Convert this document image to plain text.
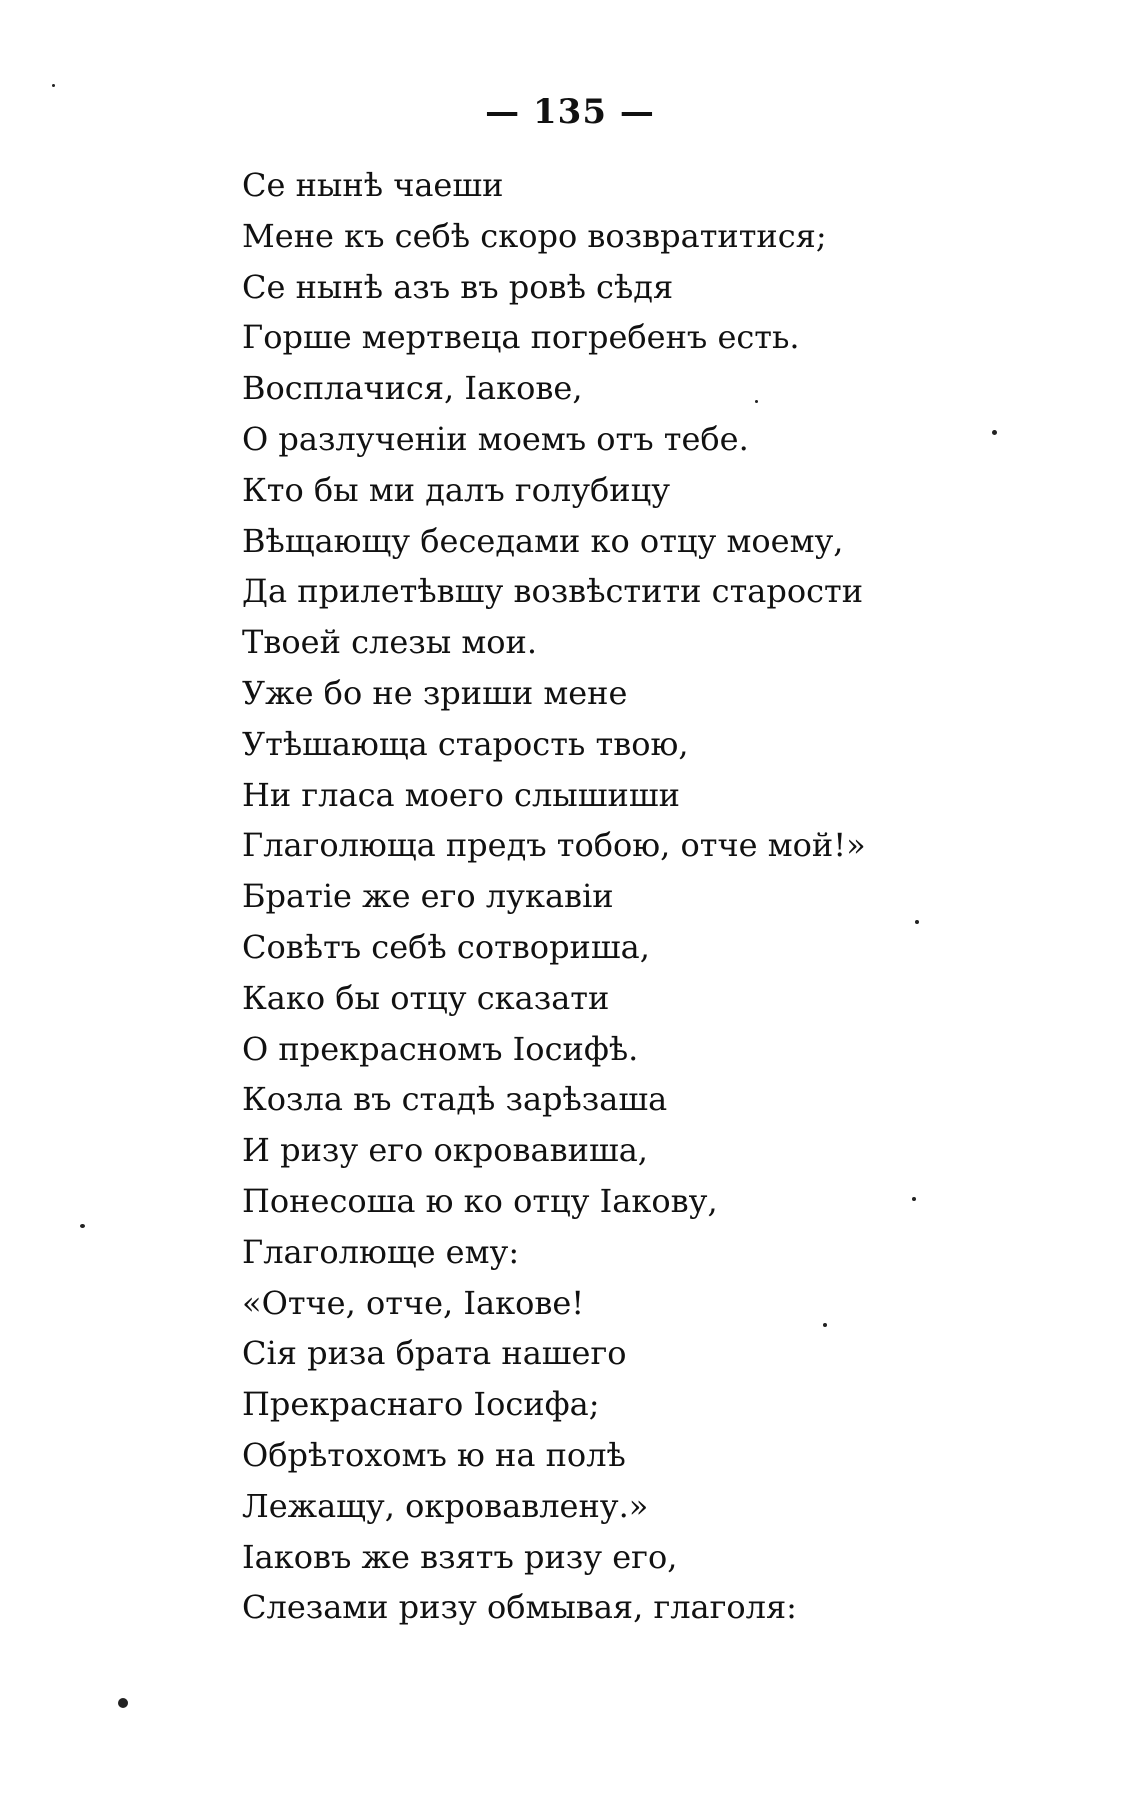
— 135 —
Се нынѣ чаеши
Мене къ себѣ скоро возвратитися;
Се нынѣ азъ въ ровѣ сѣдя
Горше мертвеца погребенъ есть.
Восплачися, Іакове,
О разлученіи моемъ отъ тебе.
Кто бы ми далъ голубицу
Вѣщающу беседами ко отцу моему,
Да прилетѣвшу возвѣстити старости
Твоей слезы мои.
Уже бо не зриши мене
Утѣшающа старость твою,
Ни гласа моего слышиши
Глаголюща предъ тобою, отче мой!»
Братіе же его лукавіи
Совѣтъ себѣ сотвориша,
Како бы отцу сказати
О прекрасномъ Іосифѣ.
Козла въ стадѣ зарѣзаша
И ризу его окровавиша,
Понесоша ю ко отцу Іакову,
Глаголюще ему:
«Отче, отче, Іакове!
Сія риза брата нашего
Прекраснаго Іосифа;
Обрѣтохомъ ю на полѣ
Лежащу, окровавлену.»
Іаковъ же взятъ ризу его,
Слезами ризу обмывая, глаголя:
